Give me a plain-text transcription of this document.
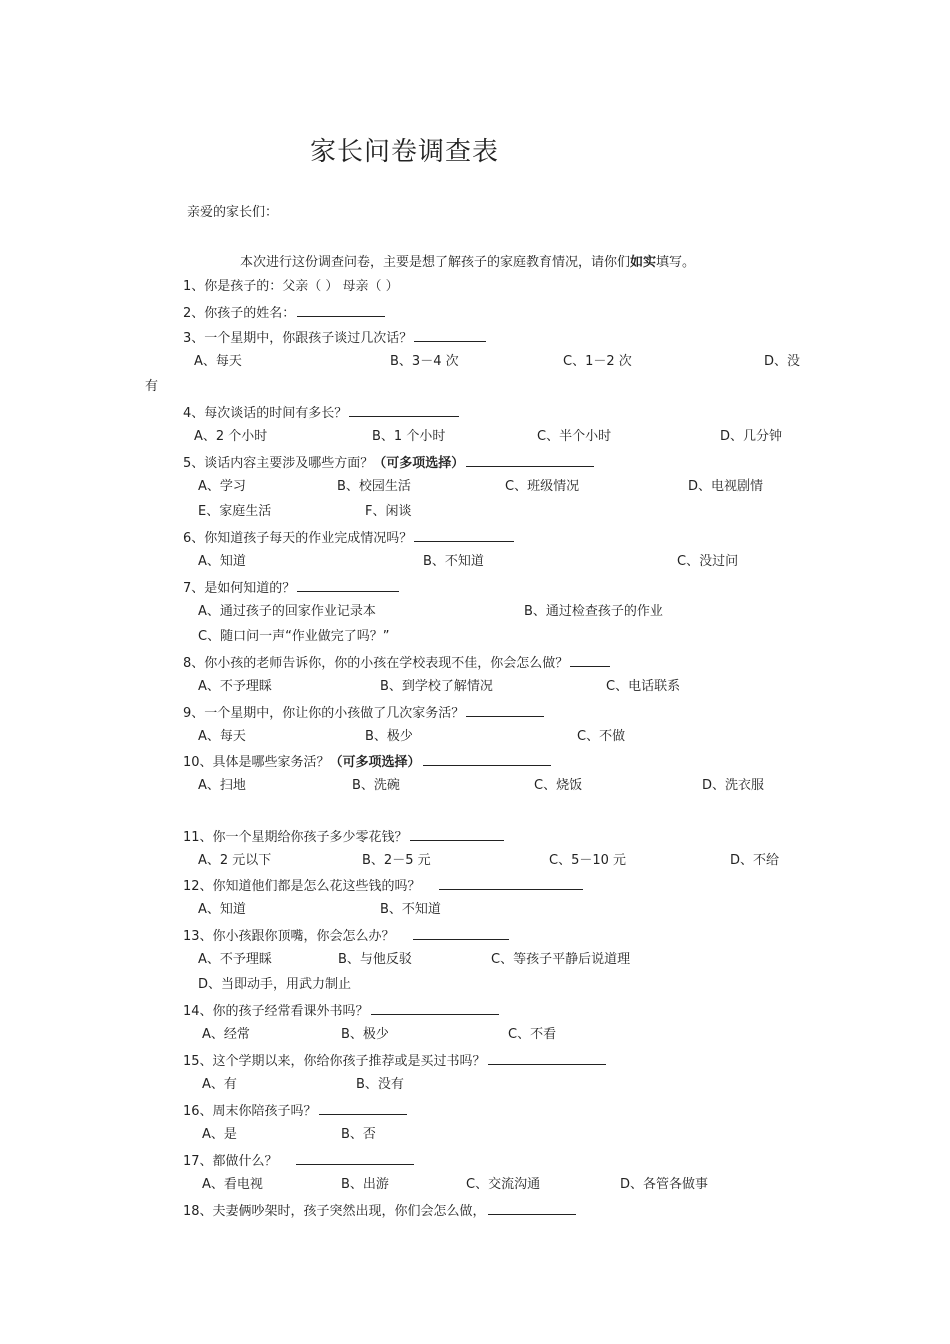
家长问卷调查表
亲爱的家长们：
本次进行这份调查问卷，主要是想了解孩子的家庭教育情况，请你们如实填写。
1、你是孩子的：父亲（ ） 母亲（ ）
2、你孩子的姓名：
3、一个星期中，你跟孩子谈过几次话？
A、每天	B、3－4 次	C、1－2 次	D、没
有
4、每次谈话的时间有多长？
A、2 个小时	B、1 个小时	C、半个小时	D、几分钟
5、谈话内容主要涉及哪些方面？（可多项选择）
A、学习	B、校园生活	C、班级情况	D、电视剧情
E、家庭生活	F、闲谈
6、你知道孩子每天的作业完成情况吗？
A、知道	B、不知道	C、没过问
7、是如何知道的？
A、通过孩子的回家作业记录本	B、通过检查孩子的作业
C、随口问一声“作业做完了吗？”
8、你小孩的老师告诉你，你的小孩在学校表现不佳，你会怎么做？
A、不予理睬	B、到学校了解情况	C、电话联系
9、一个星期中，你让你的小孩做了几次家务活？
A、每天	B、极少	C、不做
10、具体是哪些家务活？（可多项选择）
A、扫地	B、洗碗	C、烧饭	D、洗衣服
11、你一个星期给你孩子多少零花钱？
A、2 元以下	B、2－5 元	C、5－10 元	D、不给
12、你知道他们都是怎么花这些钱的吗？
A、知道	B、不知道
13、你小孩跟你顶嘴，你会怎么办？
A、不予理睬	B、与他反驳	C、等孩子平静后说道理
D、当即动手，用武力制止
14、你的孩子经常看课外书吗？
A、经常	B、极少	C、不看
15、这个学期以来，你给你孩子推荐或是买过书吗？
A、有	B、没有
16、周末你陪孩子吗？
A、是	B、否
17、都做什么？
A、看电视	B、出游	C、交流沟通	D、各管各做事
18、夫妻俩吵架时，孩子突然出现，你们会怎么做，
